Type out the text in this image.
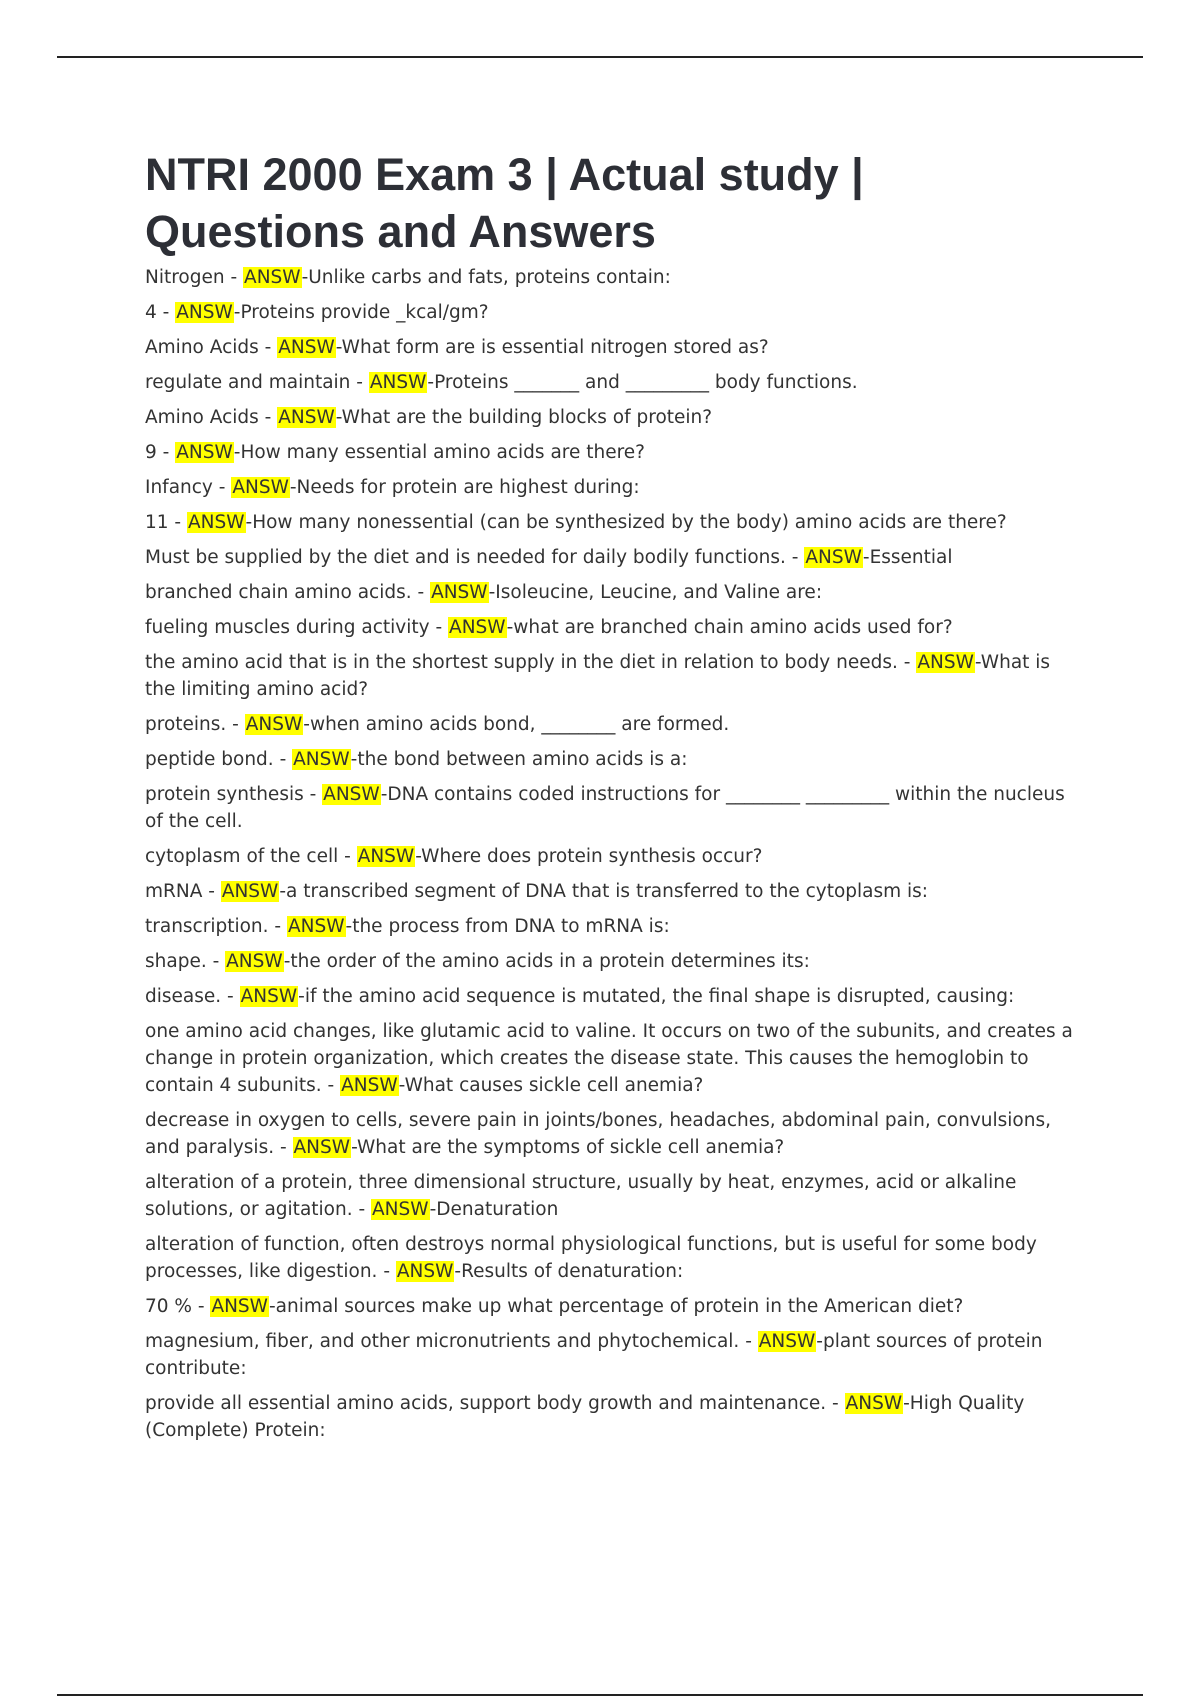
NTRI 2000 Exam 3 | Actual study | Questions and Answers

Nitrogen - ANSW-Unlike carbs and fats, proteins contain:

4 - ANSW-Proteins provide _kcal/gm?

Amino Acids - ANSW-What form are is essential nitrogen stored as?

regulate and maintain - ANSW-Proteins _______ and _________ body functions.

Amino Acids - ANSW-What are the building blocks of protein?

9 - ANSW-How many essential amino acids are there?

Infancy - ANSW-Needs for protein are highest during:

11 - ANSW-How many nonessential (can be synthesized by the body) amino acids are there?

Must be supplied by the diet and is needed for daily bodily functions. - ANSW-Essential

branched chain amino acids. - ANSW-Isoleucine, Leucine, and Valine are:

fueling muscles during activity - ANSW-what are branched chain amino acids used for?

the amino acid that is in the shortest supply in the diet in relation to body needs. - ANSW-What is the limiting amino acid?

proteins. - ANSW-when amino acids bond, ________ are formed.

peptide bond. - ANSW-the bond between amino acids is a:

protein synthesis - ANSW-DNA contains coded instructions for ________ _________ within the nucleus of the cell.

cytoplasm of the cell - ANSW-Where does protein synthesis occur?

mRNA - ANSW-a transcribed segment of DNA that is transferred to the cytoplasm is:

transcription. - ANSW-the process from DNA to mRNA is:

shape. - ANSW-the order of the amino acids in a protein determines its:

disease. - ANSW-if the amino acid sequence is mutated, the final shape is disrupted, causing:

one amino acid changes, like glutamic acid to valine. It occurs on two of the subunits, and creates a change in protein organization, which creates the disease state. This causes the hemoglobin to contain 4 subunits. - ANSW-What causes sickle cell anemia?

decrease in oxygen to cells, severe pain in joints/bones, headaches, abdominal pain, convulsions, and paralysis. - ANSW-What are the symptoms of sickle cell anemia?

alteration of a protein, three dimensional structure, usually by heat, enzymes, acid or alkaline solutions, or agitation. - ANSW-Denaturation

alteration of function, often destroys normal physiological functions, but is useful for some body processes, like digestion. - ANSW-Results of denaturation:

70 % - ANSW-animal sources make up what percentage of protein in the American diet?

magnesium, fiber, and other micronutrients and phytochemical. - ANSW-plant sources of protein contribute:

provide all essential amino acids, support body growth and maintenance. - ANSW-High Quality (Complete) Protein:
